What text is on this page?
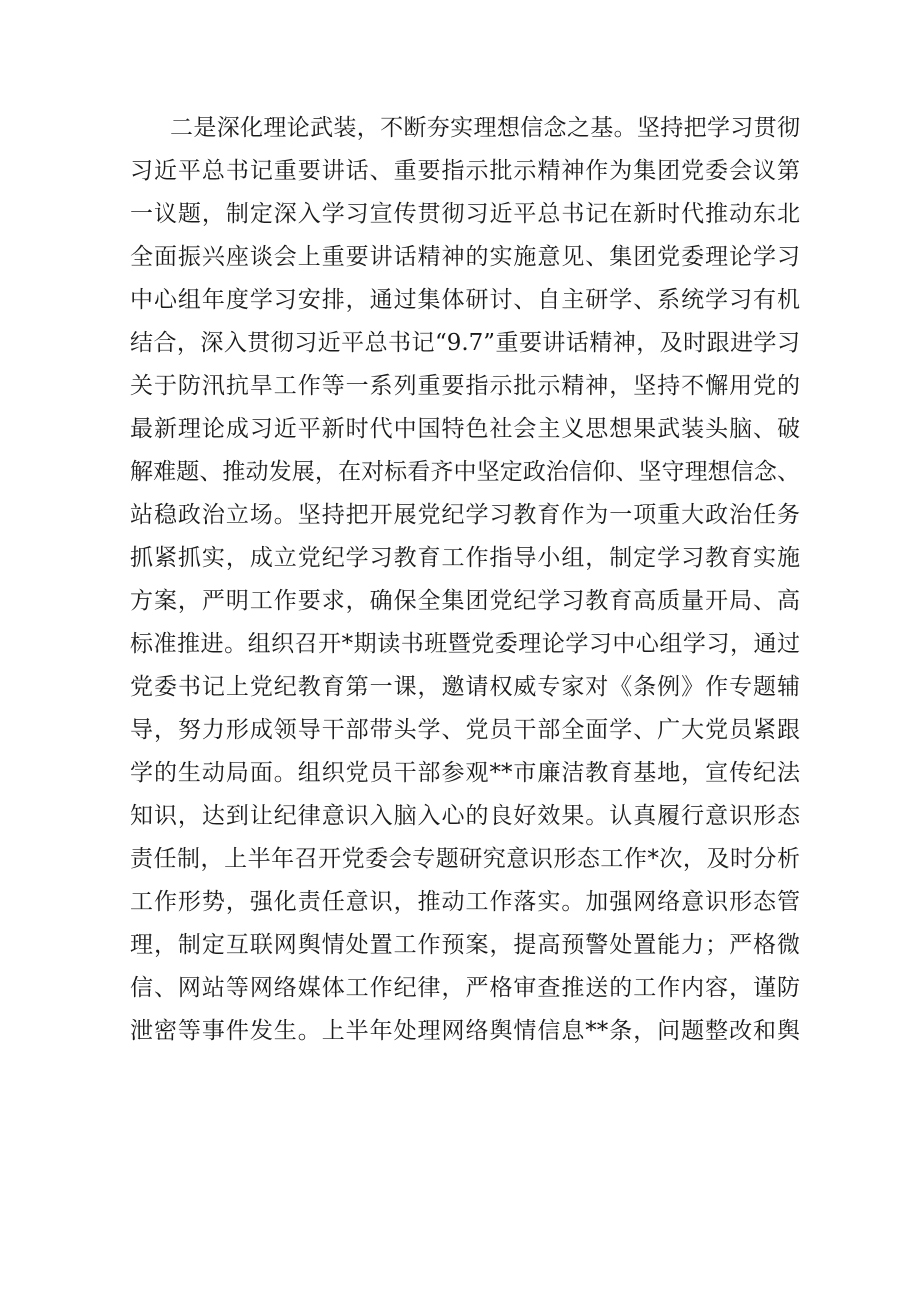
二是深化理论武装，不断夯实理想信念之基。坚持把学习贯彻
习近平总书记重要讲话、重要指示批示精神作为集团党委会议第
一议题，制定深入学习宣传贯彻习近平总书记在新时代推动东北
全面振兴座谈会上重要讲话精神的实施意见、集团党委理论学习
中心组年度学习安排，通过集体研讨、自主研学、系统学习有机
结合，深入贯彻习近平总书记“9.7”重要讲话精神，及时跟进学习
关于防汛抗旱工作等一系列重要指示批示精神，坚持不懈用党的
最新理论成习近平新时代中国特色社会主义思想果武装头脑、破
解难题、推动发展，在对标看齐中坚定政治信仰、坚守理想信念、
站稳政治立场。坚持把开展党纪学习教育作为一项重大政治任务
抓紧抓实，成立党纪学习教育工作指导小组，制定学习教育实施
方案，严明工作要求，确保全集团党纪学习教育高质量开局、高
标准推进。组织召开*期读书班暨党委理论学习中心组学习，通过
党委书记上党纪教育第一课，邀请权威专家对《条例》作专题辅
导，努力形成领导干部带头学、党员干部全面学、广大党员紧跟
学的生动局面。组织党员干部参观**市廉洁教育基地，宣传纪法
知识，达到让纪律意识入脑入心的良好效果。认真履行意识形态
责任制，上半年召开党委会专题研究意识形态工作*次，及时分析
工作形势，强化责任意识，推动工作落实。加强网络意识形态管
理，制定互联网舆情处置工作预案，提高预警处置能力；严格微
信、网站等网络媒体工作纪律，严格审查推送的工作内容，谨防
泄密等事件发生。上半年处理网络舆情信息**条，问题整改和舆
